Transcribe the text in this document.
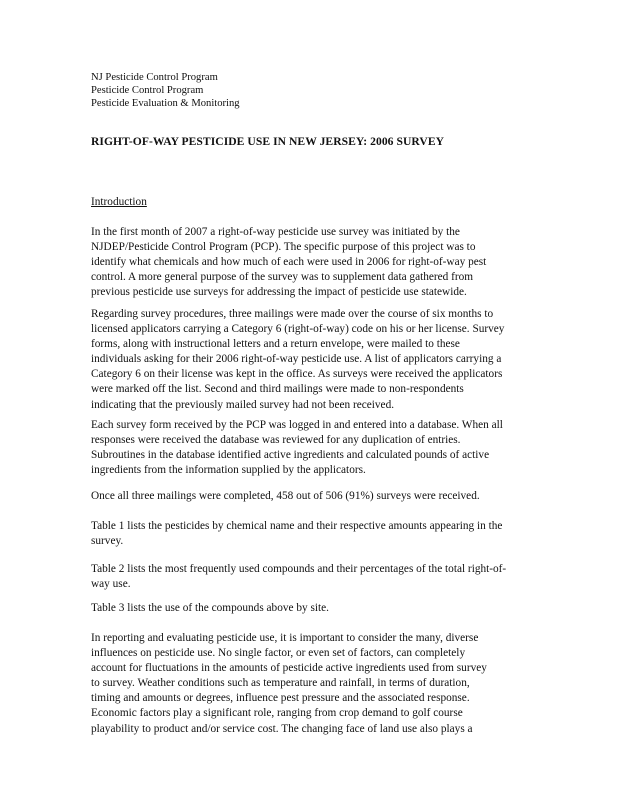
NJ Pesticide Control Program
Pesticide Control Program
Pesticide Evaluation & Monitoring
RIGHT-OF-WAY PESTICIDE USE IN NEW JERSEY: 2006 SURVEY
Introduction

In the first month of 2007 a right-of-way pesticide use survey was initiated by the
NJDEP/Pesticide Control Program (PCP). The specific purpose of this project was to
identify what chemicals and how much of each were used in 2006 for right-of-way pest
control. A more general purpose of the survey was to supplement data gathered from
previous pesticide use surveys for addressing the impact of pesticide use statewide.

Regarding survey procedures, three mailings were made over the course of six months to
licensed applicators carrying a Category 6 (right-of-way) code on his or her license. Survey
forms, along with instructional letters and a return envelope, were mailed to these
individuals asking for their 2006 right-of-way pesticide use. A list of applicators carrying a
Category 6 on their license was kept in the office. As surveys were received the applicators
were marked off the list. Second and third mailings were made to non-respondents
indicating that the previously mailed survey had not been received.

Each survey form received by the PCP was logged in and entered into a database. When all
responses were received the database was reviewed for any duplication of entries.
Subroutines in the database identified active ingredients and calculated pounds of active
ingredients from the information supplied by the applicators.

Once all three mailings were completed, 458 out of 506 (91%) surveys were received.

Table 1 lists the pesticides by chemical name and their respective amounts appearing in the
survey.

Table 2 lists the most frequently used compounds and their percentages of the total right-of-
way use.

Table 3 lists the use of the compounds above by site.

In reporting and evaluating pesticide use, it is important to consider the many, diverse
influences on pesticide use. No single factor, or even set of factors, can completely
account for fluctuations in the amounts of pesticide active ingredients used from survey
to survey. Weather conditions such as temperature and rainfall, in terms of duration,
timing and amounts or degrees, influence pest pressure and the associated response.
Economic factors play a significant role, ranging from crop demand to golf course
playability to product and/or service cost. The changing face of land use also plays a
